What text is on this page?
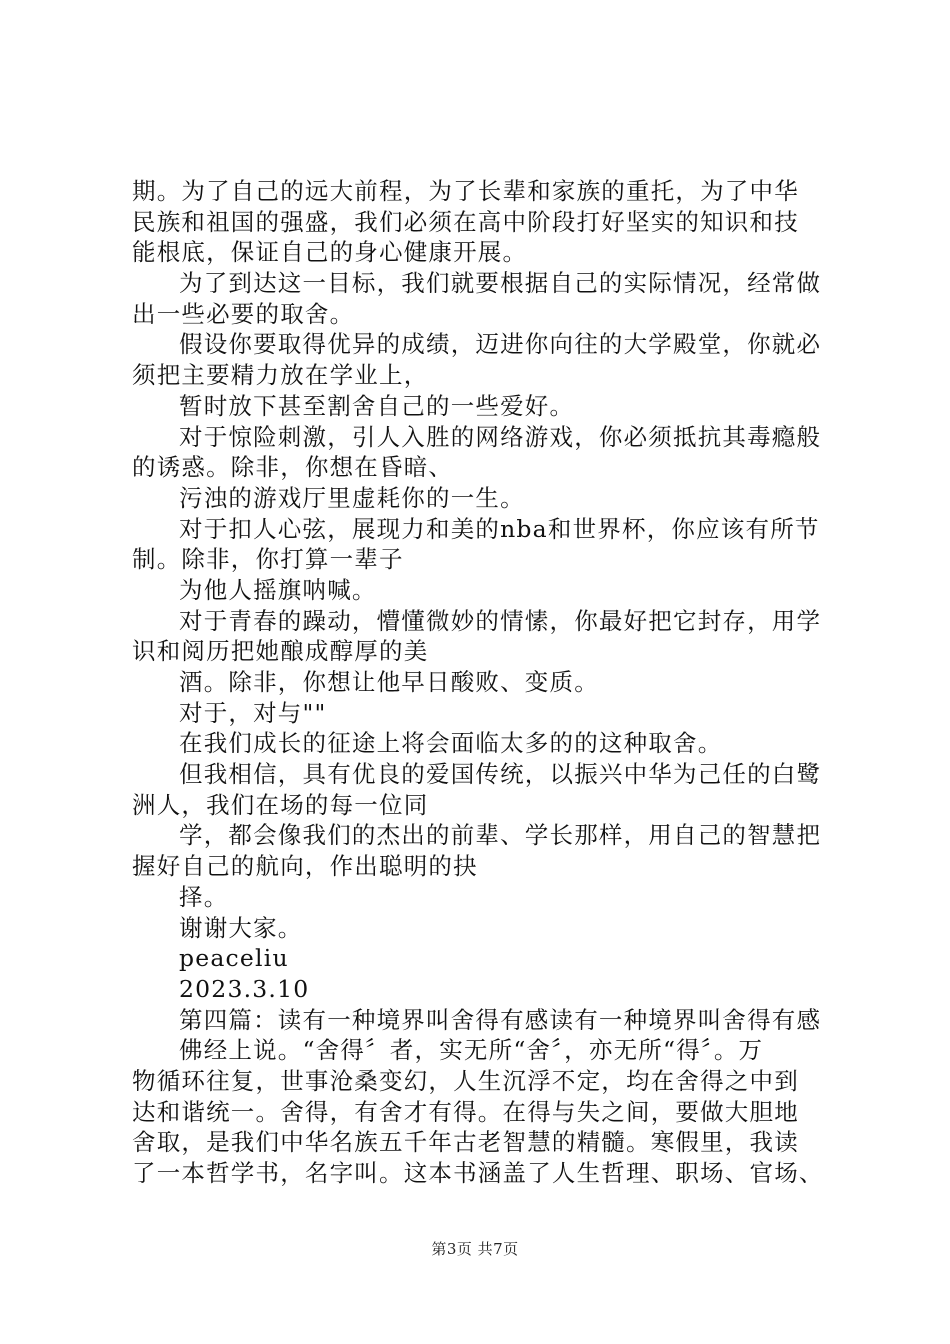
期。为了自己的远大前程，为了长辈和家族的重托，为了中华
民族和祖国的强盛，我们必须在高中阶段打好坚实的知识和技
能根底，保证自己的身心健康开展。
为了到达这一目标，我们就要根据自己的实际情况，经常做
出一些必要的取舍。
假设你要取得优异的成绩，迈进你向往的大学殿堂，你就必
须把主要精力放在学业上，
暂时放下甚至割舍自己的一些爱好。
对于惊险刺激，引人入胜的网络游戏，你必须抵抗其毒瘾般
的诱惑。除非，你想在昏暗、
污浊的游戏厅里虚耗你的一生。
对于扣人心弦，展现力和美的nba和世界杯，你应该有所节
制。除非，你打算一辈子
为他人摇旗呐喊。
对于青春的躁动，懵懂微妙的情愫，你最好把它封存，用学
识和阅历把她酿成醇厚的美
酒。除非，你想让他早日酸败、变质。
对于，对与""
在我们成长的征途上将会面临太多的的这种取舍。
但我相信，具有优良的爱国传统，以振兴中华为己任的白鹭
洲人，我们在场的每一位同
学，都会像我们的杰出的前辈、学长那样，用自己的智慧把
握好自己的航向，作出聪明的抉
择。
谢谢大家。
peaceliu
2023.3.10
第四篇：读有一种境界叫舍得有感读有一种境界叫舍得有感
佛经上说。“舍得〞者，实无所“舍〞，亦无所“得〞。万
物循环往复，世事沧桑变幻，人生沉浮不定，均在舍得之中到
达和谐统一。舍得，有舍才有得。在得与失之间，要做大胆地
舍取，是我们中华名族五千年古老智慧的精髓。寒假里，我读
了一本哲学书，名字叫。这本书涵盖了人生哲理、职场、官场、
第3页 共7页
